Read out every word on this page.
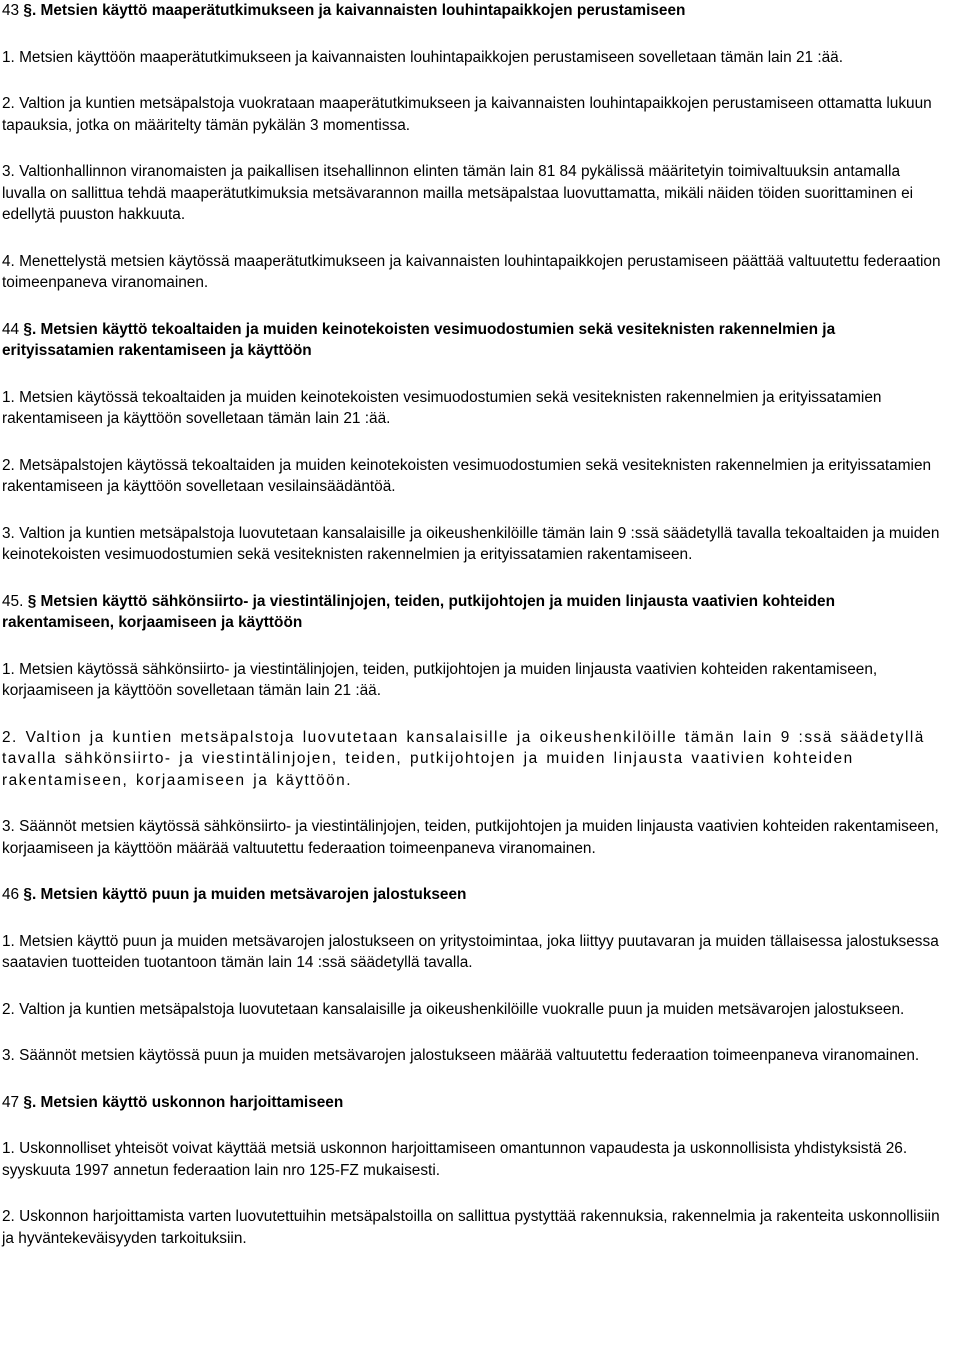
43 §. Metsien käyttö maaperätutkimukseen ja kaivannaisten louhintapaikkojen perustamiseen

1. Metsien käyttöön maaperätutkimukseen ja kaivannaisten louhintapaikkojen perustamiseen sovelletaan tämän lain 21 :ää.

2. Valtion ja kuntien metsäpalstoja vuokrataan maaperätutkimukseen ja kaivannaisten louhintapaikkojen perustamiseen ottamatta lukuun tapauksia, jotka on määritelty tämän pykälän 3 momentissa.

3. Valtionhallinnon viranomaisten ja paikallisen itsehallinnon elinten tämän lain 81 84 pykälissä määritetyin toimivaltuuksin antamalla luvalla on sallittua tehdä maaperätutkimuksia metsävarannon mailla metsäpalstaa luovuttamatta, mikäli näiden töiden suorittaminen ei edellytä puuston hakkuuta.

4. Menettelystä metsien käytössä maaperätutkimukseen ja kaivannaisten louhintapaikkojen perustamiseen päättää valtuutettu federaation toimeenpaneva viranomainen.

44 §. Metsien käyttö tekoaltaiden ja muiden keinotekoisten vesimuodostumien sekä vesiteknisten rakennelmien ja erityissatamien rakentamiseen ja käyttöön

1. Metsien käytössä tekoaltaiden ja muiden keinotekoisten vesimuodostumien sekä vesiteknisten rakennelmien ja erityissatamien rakentamiseen ja käyttöön sovelletaan tämän lain 21 :ää.

2. Metsäpalstojen käytössä tekoaltaiden ja muiden keinotekoisten vesimuodostumien sekä vesiteknisten rakennelmien ja erityissatamien rakentamiseen ja käyttöön sovelletaan vesilainsäädäntöä.

3. Valtion ja kuntien metsäpalstoja luovutetaan kansalaisille ja oikeushenkilöille tämän lain 9 :ssä säädetyllä tavalla tekoaltaiden ja muiden keinotekoisten vesimuodostumien sekä vesiteknisten rakennelmien ja erityissatamien rakentamiseen.

45. § Metsien käyttö sähkönsiirto- ja viestintälinjojen, teiden, putkijohtojen ja muiden linjausta vaativien kohteiden rakentamiseen, korjaamiseen ja käyttöön

1. Metsien käytössä sähkönsiirto- ja viestintälinjojen, teiden, putkijohtojen ja muiden linjausta vaativien kohteiden rakentamiseen, korjaamiseen ja käyttöön sovelletaan tämän lain 21 :ää.

2. Valtion ja kuntien metsäpalstoja luovutetaan kansalaisille ja oikeushenkilöille tämän lain 9 :ssä säädetyllä tavalla sähkönsiirto- ja viestintälinjojen, teiden, putkijohtojen ja muiden linjausta vaativien kohteiden rakentamiseen, korjaamiseen ja käyttöön.

3. Säännöt metsien käytössä sähkönsiirto- ja viestintälinjojen, teiden, putkijohtojen ja muiden linjausta vaativien kohteiden rakentamiseen, korjaamiseen ja käyttöön määrää valtuutettu federaation toimeenpaneva viranomainen.

46 §. Metsien käyttö puun ja muiden metsävarojen jalostukseen

1. Metsien käyttö puun ja muiden metsävarojen jalostukseen on yritystoimintaa, joka liittyy puutavaran ja muiden tällaisessa jalostuksessa saatavien tuotteiden tuotantoon tämän lain 14 :ssä säädetyllä tavalla.

2. Valtion ja kuntien metsäpalstoja luovutetaan kansalaisille ja oikeushenkilöille vuokralle puun ja muiden metsävarojen jalostukseen.

3. Säännöt metsien käytössä puun ja muiden metsävarojen jalostukseen määrää valtuutettu federaation toimeenpaneva viranomainen.

47 §. Metsien käyttö uskonnon harjoittamiseen

1. Uskonnolliset yhteisöt voivat käyttää metsiä uskonnon harjoittamiseen omantunnon vapaudesta ja uskonnollisista yhdistyksistä 26. syyskuuta 1997 annetun federaation lain nro 125-FZ mukaisesti.

2. Uskonnon harjoittamista varten luovutettuihin metsäpalstoilla on sallittua pystyttää rakennuksia, rakennelmia ja rakenteita uskonnollisiin ja hyväntekeväisyyden tarkoituksiin.
